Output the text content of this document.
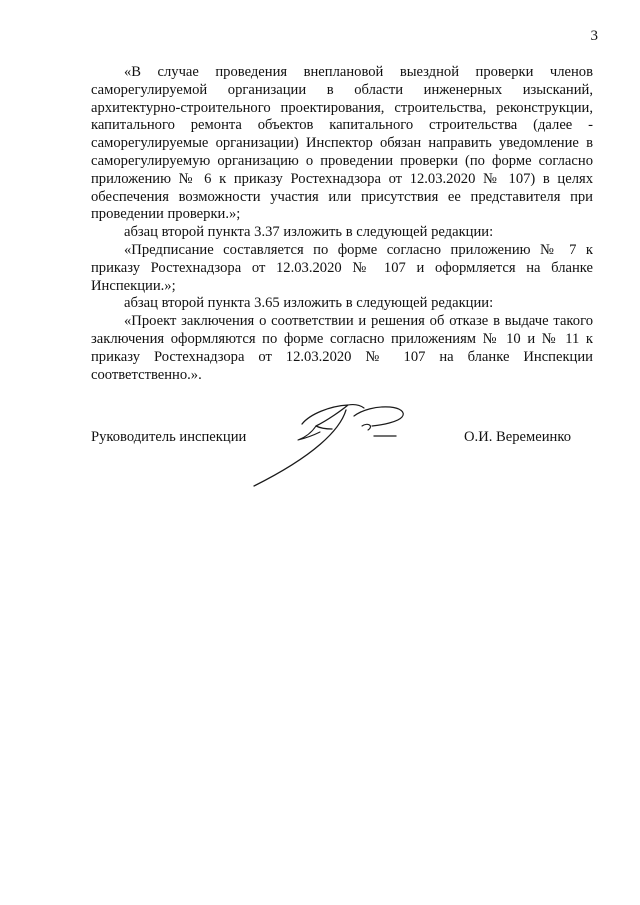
3

«В случае проведения внеплановой выездной проверки членов саморегулируемой организации в области инженерных изысканий, архитектурно-строительного проектирования, строительства, реконструкции, капитального ремонта объектов капитального строительства (далее - саморегулируемые организации) Инспектор обязан направить уведомление в саморегулируемую организацию о проведении проверки (по форме согласно приложению № 6 к приказу Ростехнадзора от 12.03.2020 № 107) в целях обеспечения возможности участия или присутствия ее представителя при проведении проверки.»;

абзац второй пункта 3.37 изложить в следующей редакции:

«Предписание составляется по форме согласно приложению № 7 к приказу Ростехнадзора от 12.03.2020 № 107 и оформляется на бланке Инспекции.»;

абзац второй пункта 3.65 изложить в следующей редакции:

«Проект заключения о соответствии и решения об отказе в выдаче такого заключения оформляются по форме согласно приложениям № 10 и № 11 к приказу Ростехнадзора от 12.03.2020 № 107 на бланке Инспекции соответственно.».

Руководитель инспекции	О.И. Веремеинко
